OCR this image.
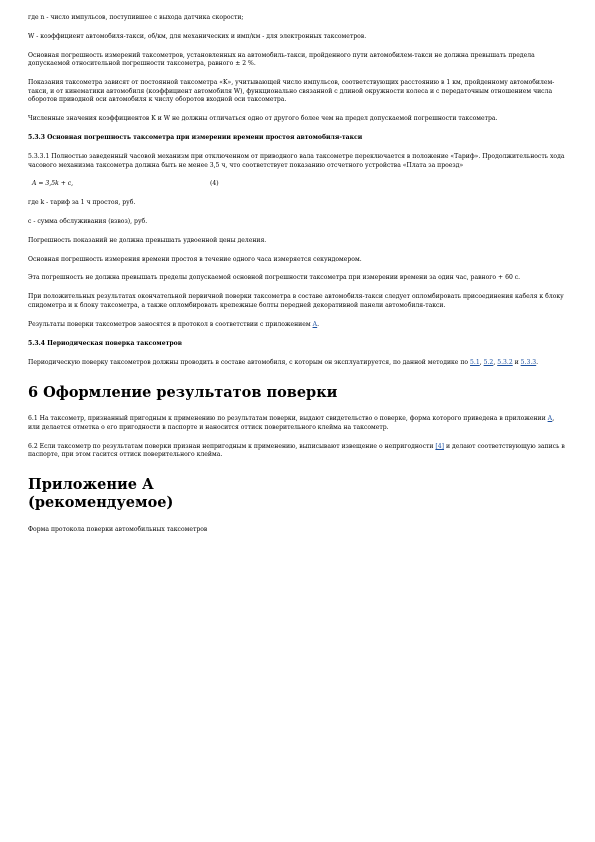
где n - число импульсов, поступившее с выхода датчика скорости;

W - коэффициент автомобиля-такси, об/км, для механических и имп/км - для электронных таксометров.

Основная погрешность измерений таксометров, установленных на автомобиль-такси, пройденного пути автомобилем-такси не должна превышать предела допускаемой относительной погрешности таксометра, равного ± 2 %.

Показания таксометра зависят от постоянной таксометра «K», учитывающей число импульсов, соответствующих расстоянию в 1 км, пройденному автомобилем-такси, и от кинематики автомобиля (коэффициент автомобиля W), функционально связанной с длиной окружности колеса и с передаточным отношением числа оборотов приводной оси автомобиля к числу оборотов входной оси таксометра.

Численные значения коэффициентов K и W не должны отличаться одно от другого более чем на предел допускаемой погрешности таксометра.

5.3.3 Основная погрешность таксометра при измерении времени простоя автомобиля-такси

5.3.3.1 Полностью заведенный часовой механизм при отключенном от приводного вала таксометре переключается в положение «Тариф». Продолжительность хода часового механизма таксометра должна быть не менее 3,5 ч, что соответствует показанию отсчетного устройства «Плата за проезд»

A = 3,5k + c,	(4)

где k - тариф за 1 ч простоя, руб.

c - сумма обслуживания (взвоз), руб.

Погрешность показаний не должна превышать удвоенной цены деления.

Основная погрешность измерения времени простоя в течение одного часа измеряется секундомером.

Эта погрешность не должна превышать пределы допускаемой основной погрешности таксометра при измерении времени за один час, равного + 60 с.

При положительных результатах окончательной первичной поверки таксометра в составе автомобиля-такси следует опломбировать присоединения кабеля к блоку спидометра и к блоку таксометра, а также опломбировать крепежные болты передней декоративной панели автомобиля-такси.

Результаты поверки таксометров заносятся в протокол в соответствии с приложением А.

5.3.4 Периодическая поверка таксометров

Периодическую поверку таксометров должны проводить в составе автомобиля, с которым он эксплуатируется, по данной методике по 5.1, 5.2, 5.3.2 и 5.3.3.

6 Оформление результатов поверки

6.1 На таксометр, признанный пригодным к применению по результатам поверки, выдают свидетельство о поверке, форма которого приведена в приложении А, или делается отметка о его пригодности в паспорте и наносится оттиск поверительного клейма на таксометр.

6.2 Если таксометр по результатам поверки признан непригодным к применению, выписывают извещение о непригодности [4] и делают соответствующую запись в паспорте, при этом гасится оттиск поверительного клейма.

Приложение А
(рекомендуемое)

Форма протокола поверки автомобильных таксометров
